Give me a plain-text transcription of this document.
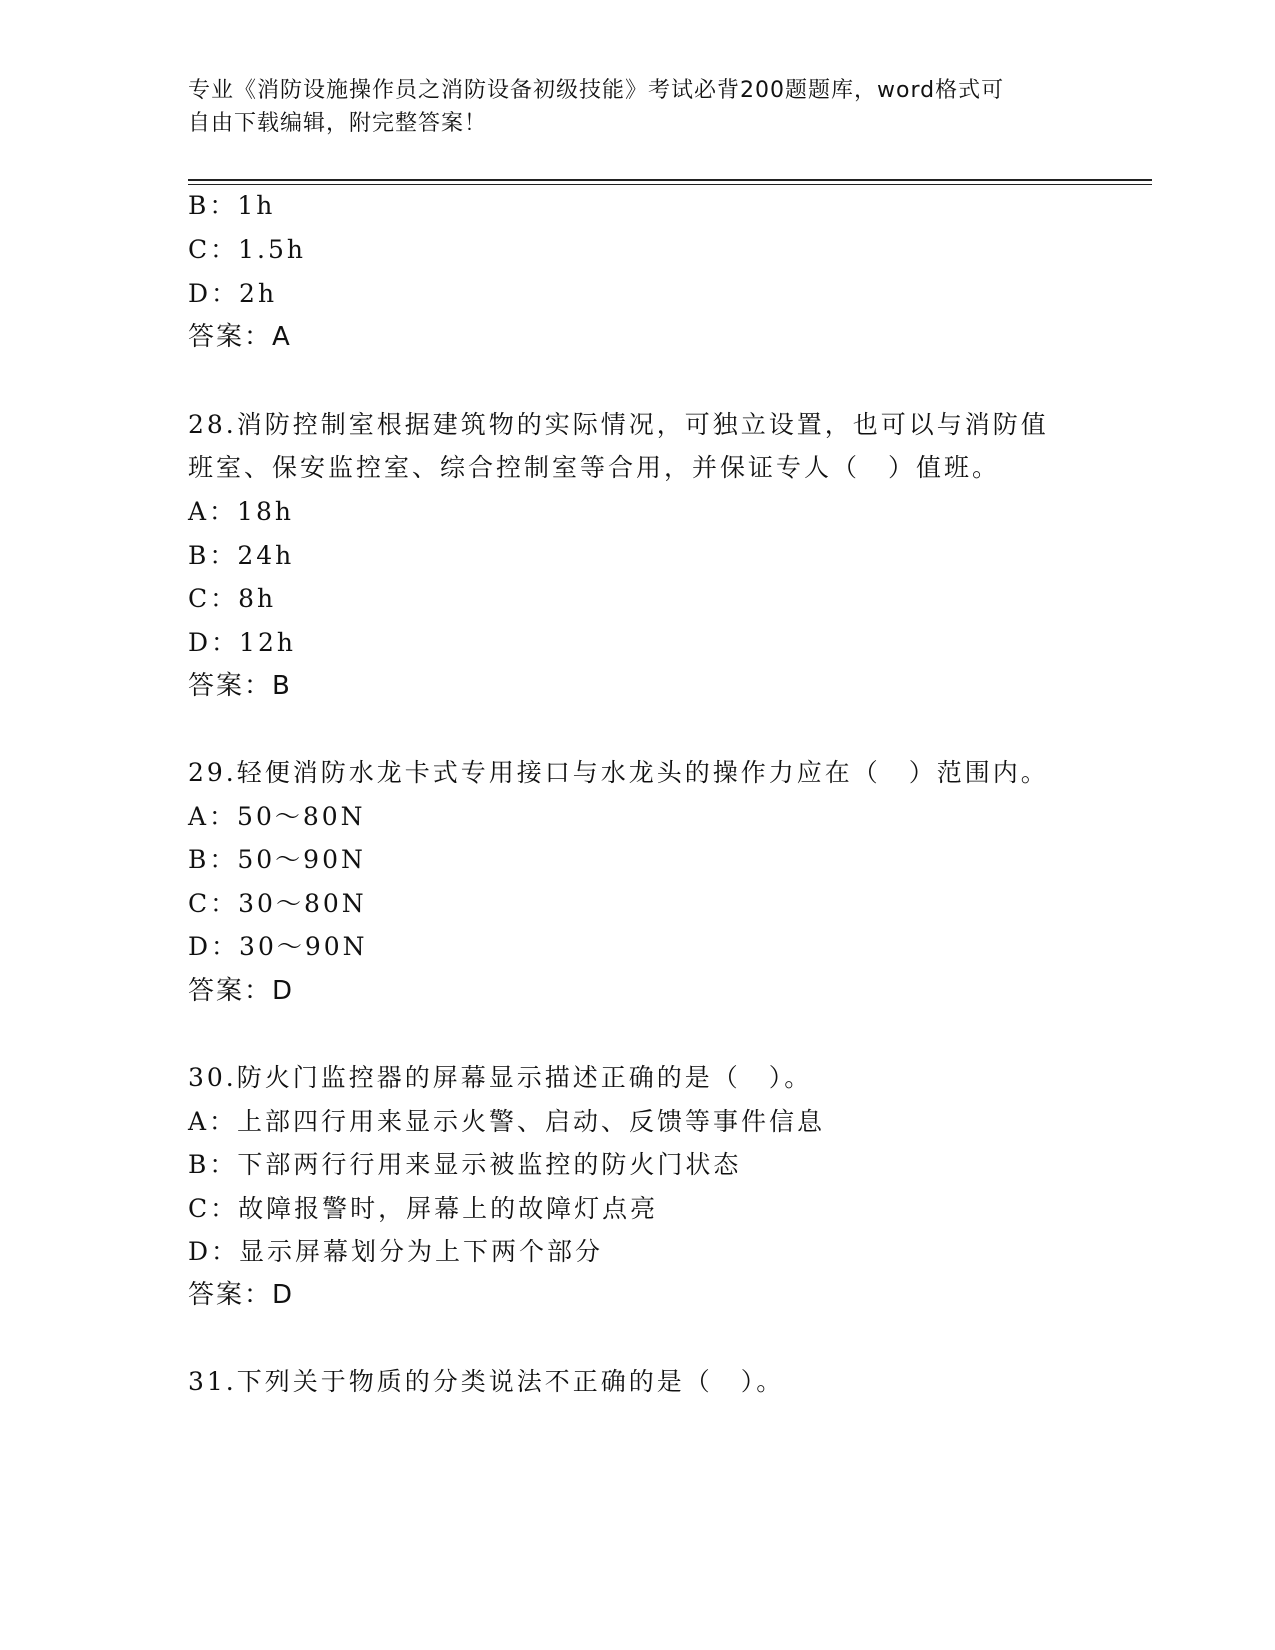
专业《消防设施操作员之消防设备初级技能》考试必背200题题库，word格式可
自由下载编辑，附完整答案！
B：1h
C：1.5h
D：2h
答案：A
28.消防控制室根据建筑物的实际情况，可独立设置，也可以与消防值
班室、保安监控室、综合控制室等合用，并保证专人（　）值班。
A：18h
B：24h
C：8h
D：12h
答案：B
29.轻便消防水龙卡式专用接口与水龙头的操作力应在（　）范围内。
A：50～80N
B：50～90N
C：30～80N
D：30～90N
答案：D
30.防火门监控器的屏幕显示描述正确的是（　）。
A：上部四行用来显示火警、启动、反馈等事件信息
B：下部两行行用来显示被监控的防火门状态
C：故障报警时，屏幕上的故障灯点亮
D：显示屏幕划分为上下两个部分
答案：D
31.下列关于物质的分类说法不正确的是（　）。
